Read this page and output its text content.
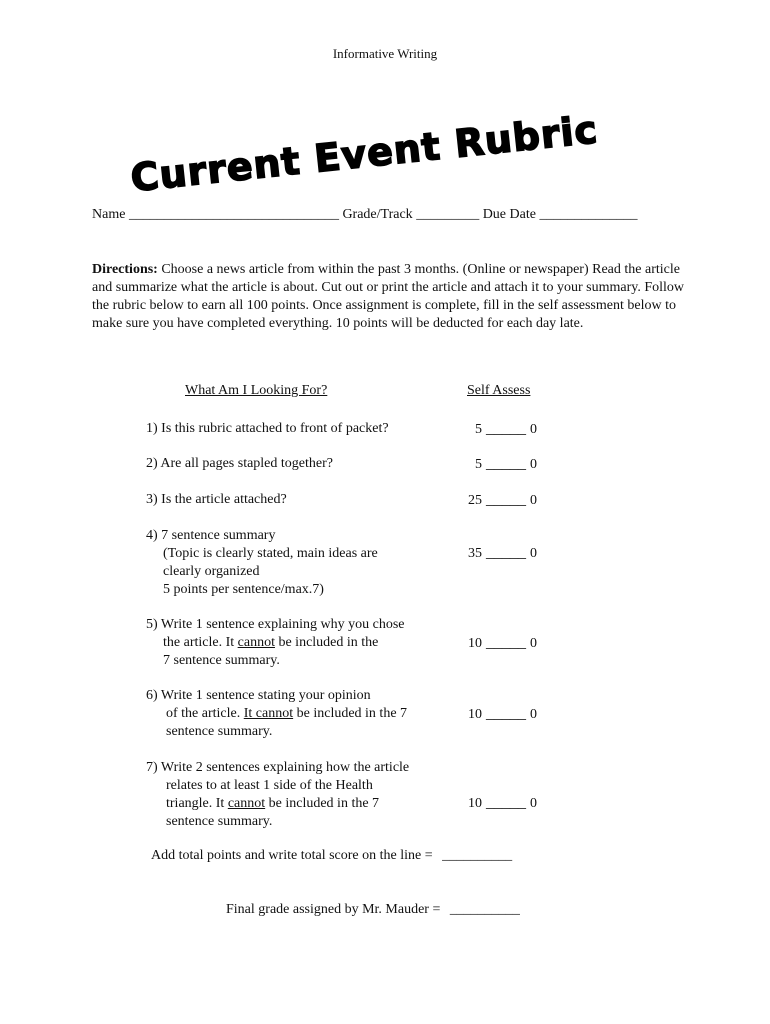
Informative Writing
Current Event Rubric
Name ______________________________ Grade/Track _________ Due Date ______________
Directions: Choose a news article from within the past 3 months. (Online or newspaper) Read the article and summarize what the article is about. Cut out or print the article and attach it to your summary. Follow the rubric below to earn all 100 points. Once assignment is complete, fill in the self assessment below to make sure you have completed everything. 10 points will be deducted for each day late.
What Am I Looking For?	Self Assess
1) Is this rubric attached to front of packet?	5 _____ 0
2) Are all pages stapled together?	5 _____ 0
3) Is the article attached?	25 _____ 0
4) 7 sentence summary
(Topic is clearly stated, main ideas are
clearly organized
5 points per sentence/max.7)
35 _____ 0
5) Write 1 sentence explaining why you chose
the article. It cannot be included in the
7 sentence summary.
10 _____ 0
6) Write 1 sentence stating your opinion
of the article. It cannot be included in the 7
sentence summary.
10 _____ 0
7) Write 2 sentences explaining how the article
relates to at least 1 side of the Health
triangle. It cannot be included in the 7
sentence summary.
10 _____ 0
Add total points and write total score on the line = __________
Final grade assigned by Mr. Mauder = __________
